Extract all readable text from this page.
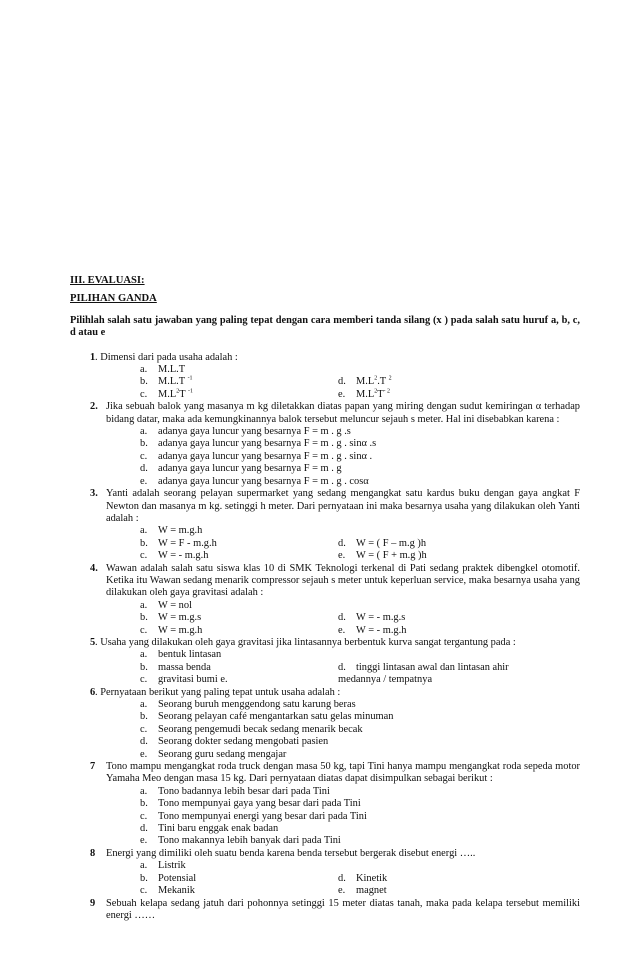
III. EVALUASI:
PILIHAN GANDA
Pilihlah salah satu jawaban yang paling tepat dengan cara memberi tanda silang (x ) pada salah satu huruf a, b, c, d atau e
1 . Dimensi dari pada usaha adalah :
a.	M.L.T
b. M.L.T $^{-1}$	d. $M.L^2.T$ $^2$
c.	$M.L^2T$ $^{-1}$	e.	$M.L^2T^{- 2}$
2. Jika sebuah balok yang masanya m kg diletakkan diatas papan yang miring dengan sudut kemiringan α terhadap bidang datar, maka ada kemungkinannya balok tersebut meluncur sejauh s meter. Hal ini disebabkan karena :
a.	adanya gaya luncur yang besarnya F = m . g .s
b. adanya gaya luncur yang besarnya F = m . g . sinα .s
c.	adanya gaya luncur yang besarnya F = m . g . sinα .
d. adanya gaya luncur yang besarnya F = m . g
e.	adanya gaya luncur yang besarnya F = m . g . cosα
3. Yanti adalah seorang pelayan supermarket yang sedang mengangkat satu kardus buku dengan gaya angkat F Newton dan masanya m kg. setinggi h meter. Dari pernyataan ini maka besarnya usaha yang dilakukan oleh Yanti adalah :
a.	W = m.g.h
b. W = F - m.g.h	d. W = ( F – m.g )h
c.	W = - m.g.h	e.	W = ( F + m.g )h
4. Wawan adalah salah satu siswa klas 10 di SMK Teknologi terkenal di Pati sedang praktek dibengkel otomotif. Ketika itu Wawan sedang menarik compressor sejauh s meter untuk keperluan service, maka besarnya usaha yang dilakukan oleh gaya gravitasi adalah :
a.	W = nol
b. W = m.g.s	d. W = - m.g.s
c.	W = m.g.h	e.	W = - m.g.h
5 . Usaha yang dilakukan oleh gaya gravitasi jika lintasannya berbentuk kurva sangat tergantung pada :
a.	bentuk lintasan
b. massa benda	d. tinggi lintasan awal dan lintasan ahir
c.	gravitasi bumi e.	medannya / tempatnya
6 . Pernyataan berikut yang paling tepat untuk usaha adalah :
a.	Seorang buruh menggendong satu karung beras
b. Seorang pelayan café mengantarkan satu gelas minuman
c.	Seorang pengemudi becak sedang menarik becak
d. Seorang dokter sedang mengobati pasien
e.	Seorang guru sedang mengajar
7 Tono mampu mengangkat roda truck dengan masa 50 kg, tapi Tini hanya mampu mengangkat roda sepeda motor Yamaha Meo dengan masa 15 kg. Dari pernyataan diatas dapat disimpulkan sebagai berikut :
a.	Tono badannya lebih besar dari pada Tini
b. Tono mempunyai gaya yang besar dari pada Tini
c.	Tono mempunyai energi yang besar dari pada Tini
d. Tini baru enggak enak badan
e.	Tono makannya lebih banyak dari pada Tini
8 Energi yang dimiliki oleh suatu benda karena benda tersebut bergerak disebut energi …..
a.	Listrik
b. Potensial	d. Kinetik
c.	Mekanik	e.	magnet
9 Sebuah kelapa sedang jatuh dari pohonnya setinggi 15 meter diatas tanah, maka pada kelapa tersebut memiliki energi ……
